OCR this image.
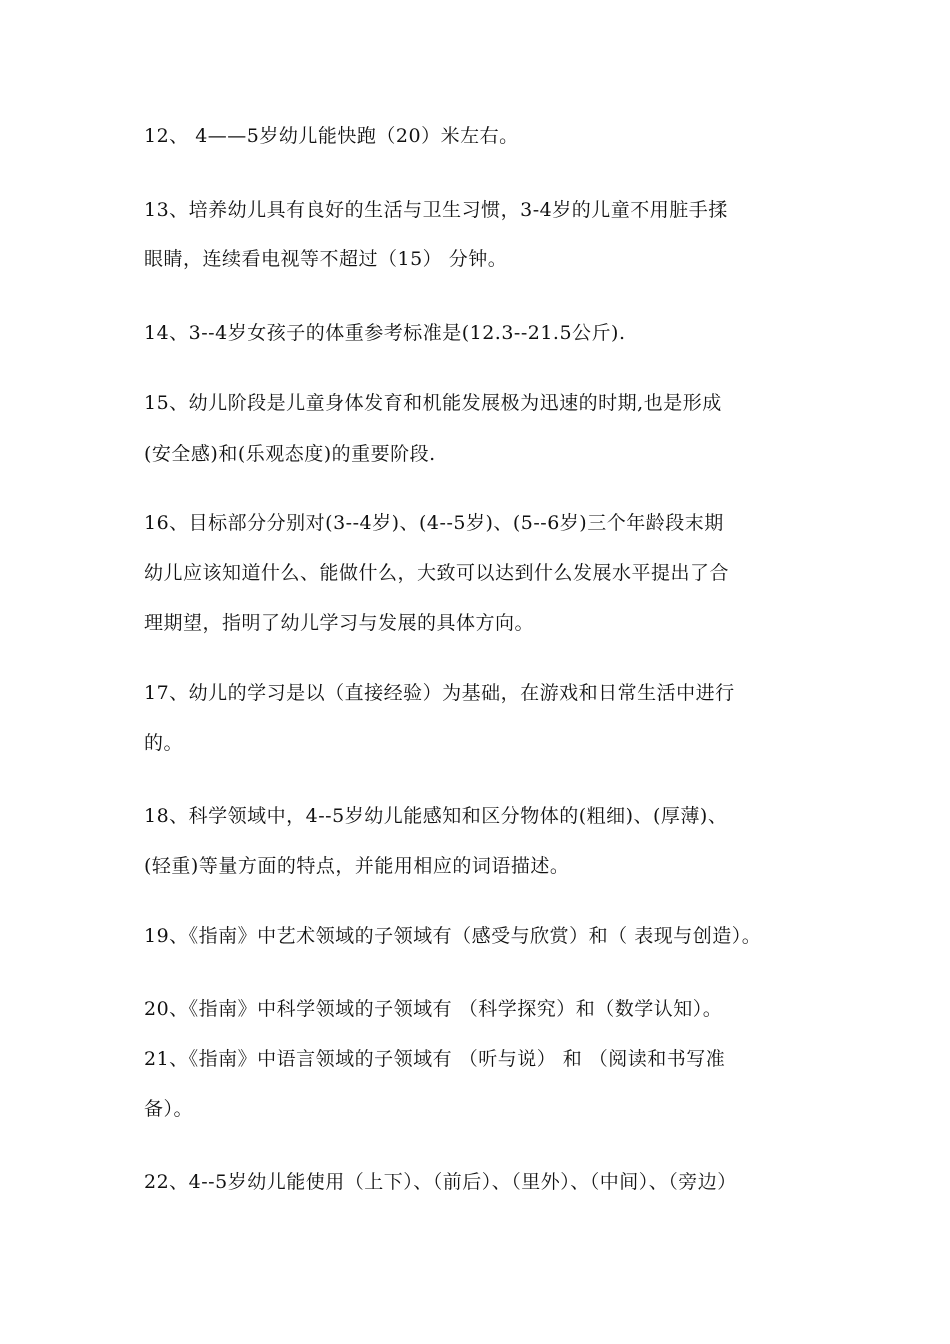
12、 4——5岁幼儿能快跑（20）米左右。
13、培养幼儿具有良好的生活与卫生习惯，3-4岁的儿童不用脏手揉
眼睛，连续看电视等不超过（15） 分钟。
14、3--4岁女孩子的体重参考标准是(12.3--21.5公斤).
15、幼儿阶段是儿童身体发育和机能发展极为迅速的时期,也是形成
(安全感)和(乐观态度)的重要阶段.
16、目标部分分别对(3--4岁)、(4--5岁)、(5--6岁)三个年龄段末期
幼儿应该知道什么、能做什么，大致可以达到什么发展水平提出了合
理期望，指明了幼儿学习与发展的具体方向。
17、幼儿的学习是以（直接经验）为基础，在游戏和日常生活中进行
的。
18、科学领域中，4--5岁幼儿能感知和区分物体的(粗细)、(厚薄)、
(轻重)等量方面的特点，并能用相应的词语描述。
19、《指南》中艺术领域的子领域有（感受与欣赏）和（ 表现与创造）。
20、《指南》中科学领域的子领域有 （科学探究）和（数学认知）。
21、《指南》中语言领域的子领域有 （听与说） 和 （阅读和书写准
备）。
22、4--5岁幼儿能使用（上下）、（前后）、（里外）、（中间）、（旁边）
